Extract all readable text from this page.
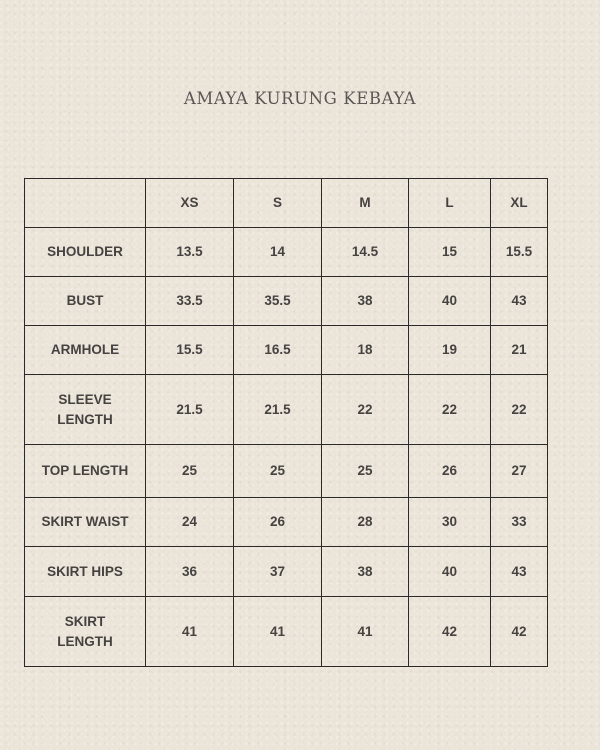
AMAYA KURUNG KEBAYA
	XS	S	M	L	XL
SHOULDER	13.5	14	14.5	15	15.5
BUST	33.5	35.5	38	40	43
ARMHOLE	15.5	16.5	18	19	21
SLEEVE
LENGTH	21.5	21.5	22	22	22
TOP LENGTH	25	25	25	26	27
SKIRT WAIST	24	26	28	30	33
SKIRT HIPS	36	37	38	40	43
SKIRT
LENGTH	41	41	41	42	42
